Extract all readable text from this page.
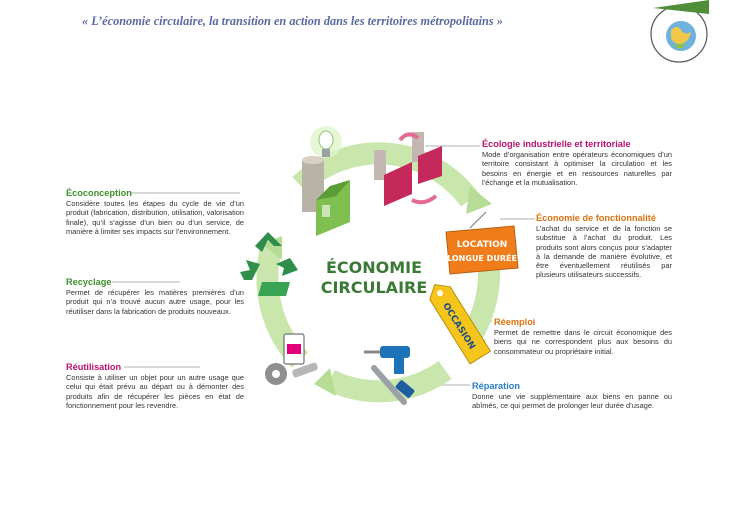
« L’économie circulaire, la transition en action dans les territoires métropolitains »
LOCATION
LONGUE DURÉE
OCCASION
ÉCONOMIE
CIRCULAIRE
Écoconception
Considère toutes les étapes du cycle de vie d’un produit (fabrication, distribution, utilisation, valorisation finale), qu’il s’agisse d’un bien ou d’un service, de manière à limiter ses impacts sur l’environnement.
Recyclage
Permet de récupérer les matières premières d’un produit qui n’a trouvé aucun autre usage, pour les réutiliser dans la fabrication de produits nouveaux.
Réutilisation
Consiste à utiliser un objet pour un autre usage que celui qui était prévu au départ ou à démonter des produits afin de récupérer les pièces en état de fonctionnement pour les revendre.
Écologie industrielle et territoriale
Mode d’organisation entre opérateurs économiques d’un territoire consistant à optimiser la circulation et les besoins en énergie et en ressources naturelles par l’échange et la mutualisation.
Économie de fonctionnalité
L’achat du service et de la fonction se substitue à l’achat du produit. Les produits sont alors conçus pour s’adapter à la demande de manière évolutive, et être éventuellement réutilisés par plusieurs utilisateurs successifs.
Réemploi
Permet de remettre dans le circuit économique des biens qui ne correspondent plus aux besoins du consommateur ou propriétaire initial.
Réparation
Donne une vie supplémentaire aux biens en panne ou abîmés, ce qui permet de prolonger leur durée d’usage.
